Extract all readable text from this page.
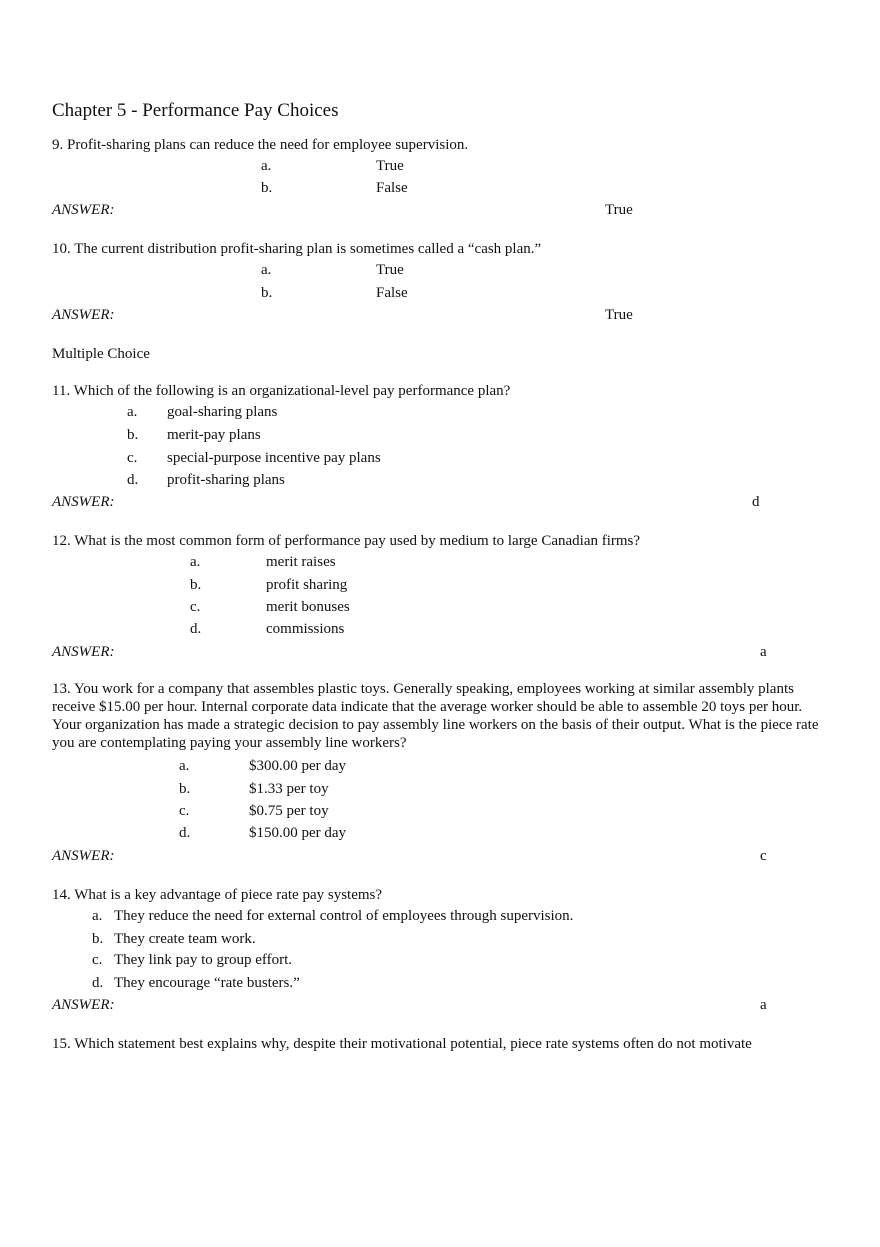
Chapter 5 - Performance Pay Choices
9. Profit-sharing plans can reduce the need for employee supervision.
a.	True
b.	False
ANSWER:	True
10. The current distribution profit-sharing plan is sometimes called a “cash plan.”
a.	True
b.	False
ANSWER:	True
Multiple Choice
11. Which of the following is an organizational-level pay performance plan?
a. goal-sharing plans
b. merit-pay plans
c. special-purpose incentive pay plans
d. profit-sharing plans
ANSWER:	d
12. What is the most common form of performance pay used by medium to large Canadian firms?
a.	merit raises
b.	profit sharing
c.	merit bonuses
d.	commissions
ANSWER:	a
13. You work for a company that assembles plastic toys. Generally speaking, employees working at similar assembly plants receive $15.00 per hour. Internal corporate data indicate that the average worker should be able to assemble 20 toys per hour. Your organization has made a strategic decision to pay assembly line workers on the basis of their output. What is the piece rate you are contemplating paying your assembly line workers?
a.	$300.00 per day
b.	$1.33 per toy
c.	$0.75 per toy
d.	$150.00 per day
ANSWER:	c
14. What is a key advantage of piece rate pay systems?
a. They reduce the need for external control of employees through supervision.
b. They create team work.
c. They link pay to group effort.
d. They encourage “rate busters.”
ANSWER:	a
15. Which statement best explains why, despite their motivational potential, piece rate systems often do not motivate
